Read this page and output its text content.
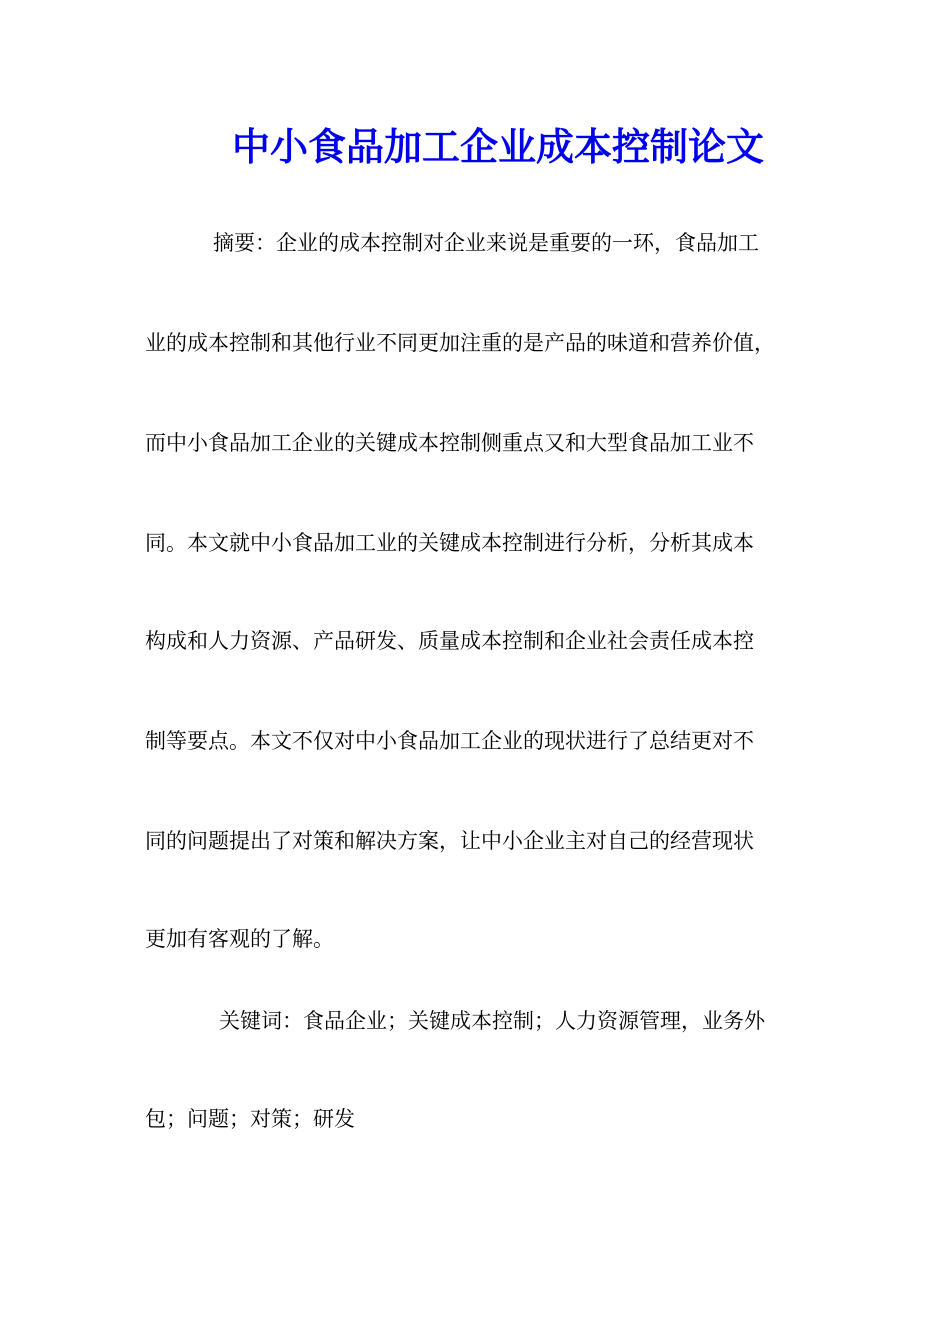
中小食品加工企业成本控制论文
摘要：企业的成本控制对企业来说是重要的一环，食品加工
业的成本控制和其他行业不同更加注重的是产品的味道和营养价值，
而中小食品加工企业的关键成本控制侧重点又和大型食品加工业不
同。本文就中小食品加工业的关键成本控制进行分析，分析其成本
构成和人力资源、产品研发、质量成本控制和企业社会责任成本控
制等要点。本文不仅对中小食品加工企业的现状进行了总结更对不
同的问题提出了对策和解决方案，让中小企业主对自己的经营现状
更加有客观的了解。
关键词：食品企业；关键成本控制；人力资源管理，业务外
包；问题；对策；研发
